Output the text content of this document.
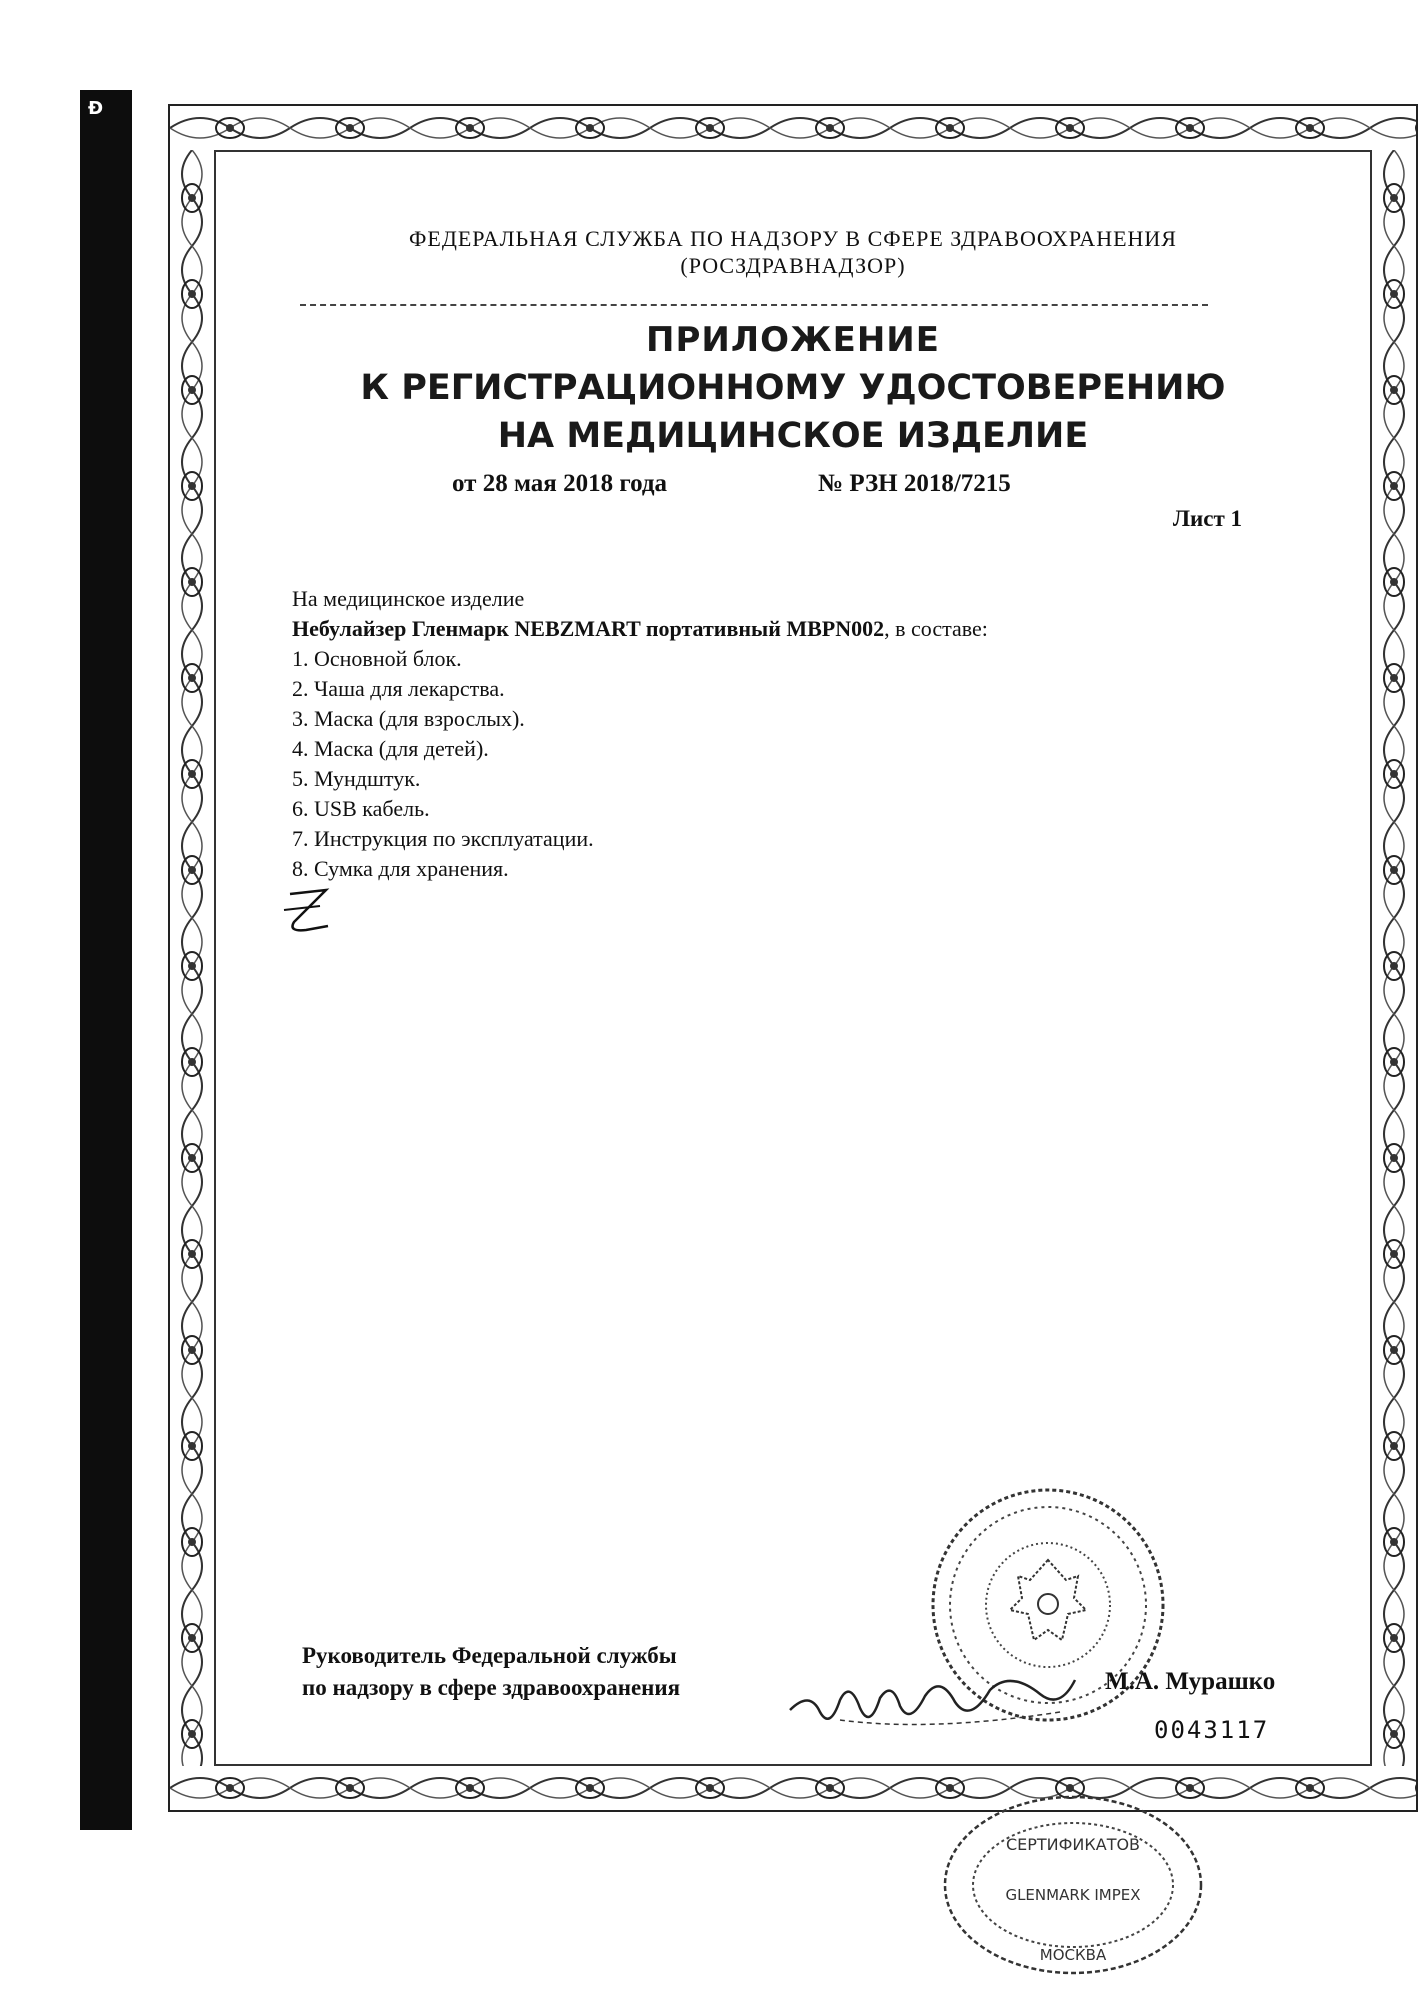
Đ
ФЕДЕРАЛЬНАЯ СЛУЖБА ПО НАДЗОРУ В СФЕРЕ ЗДРАВООХРАНЕНИЯ
(РОСЗДРАВНАДЗОР)
ПРИЛОЖЕНИЕ
К РЕГИСТРАЦИОННОМУ УДОСТОВЕРЕНИЮ
НА МЕДИЦИНСКОЕ ИЗДЕЛИЕ
от 28 мая 2018 года	№ РЗН 2018/7215
Лист 1
На медицинское изделие
Небулайзер Гленмарк NEBZMART портативный MBPN002, в составе:
1. Основной блок.
2. Чаша для лекарства.
3. Маска (для взрослых).
4. Маска (для детей).
5. Мундштук.
6. USB кабель.
7. Инструкция по эксплуатации.
8. Сумка для хранения.
Руководитель Федеральной службы
по надзору в сфере здравоохранения	М.А. Мурашко
0043117
СЕРТИФИКАТОВ
GLENMARK IMPEX
МОСКВА
